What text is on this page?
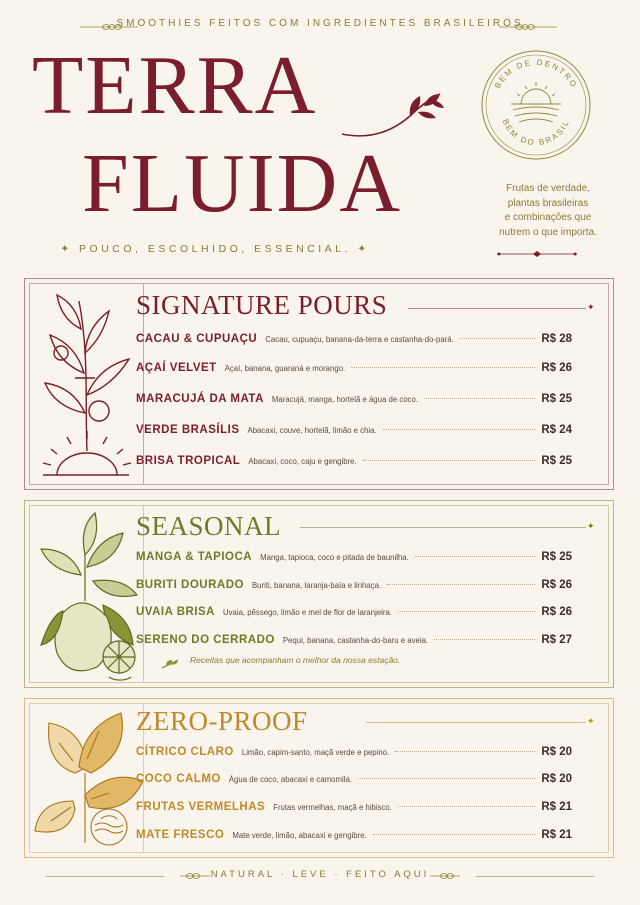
SMOOTHIES FEITOS COM INGREDIENTES BRASILEIROS
TERRA
FLUIDA
✦ POUCO, ESCOLHIDO, ESSENCIAL. ✦
BEM DE DENTRO
BEM DO BRASIL
Frutas de verdade,
plantas brasileiras
e combinações que
nutrem o que importa.
SIGNATURE POURS	✦
CACAU & CUPUAÇU Cacau, cupuaçu, banana-da-terra e castanha-do-pará.	R$ 28
AÇAÍ VELVET Açaí, banana, guaraná e morango.	R$ 26
MARACUJÁ DA MATA Maracujá, manga, hortelã e água de coco.	R$ 25
VERDE BRASÍLIS Abacaxi, couve, hortelã, limão e chia.	R$ 24
BRISA TROPICAL Abacaxi, coco, caju e gengibre.	R$ 25
SEASONAL	✦
MANGA & TAPIOCA Manga, tapioca, coco e pitada de baunilha.	R$ 25
BURITI DOURADO Buriti, banana, laranja-baía e linhaça.	R$ 26
UVAIA BRISA Uvaia, pêssego, limão e mel de flor de laranjeira.	R$ 26
SERENO DO CERRADO Pequi, banana, castanha-do-baru e aveia.	R$ 27
Receitas que acompanham o melhor da nossa estação.
ZERO-PROOF	✦
CÍTRICO CLARO Limão, capim-santo, maçã verde e pepino.	R$ 20
COCO CALMO Água de coco, abacaxi e camomila.	R$ 20
FRUTAS VERMELHAS Frutas vermelhas, maçã e hibisco.	R$ 21
MATE FRESCO Mate verde, limão, abacaxi e gengibre.	R$ 21
NATURAL · LEVE · FEITO AQUI
